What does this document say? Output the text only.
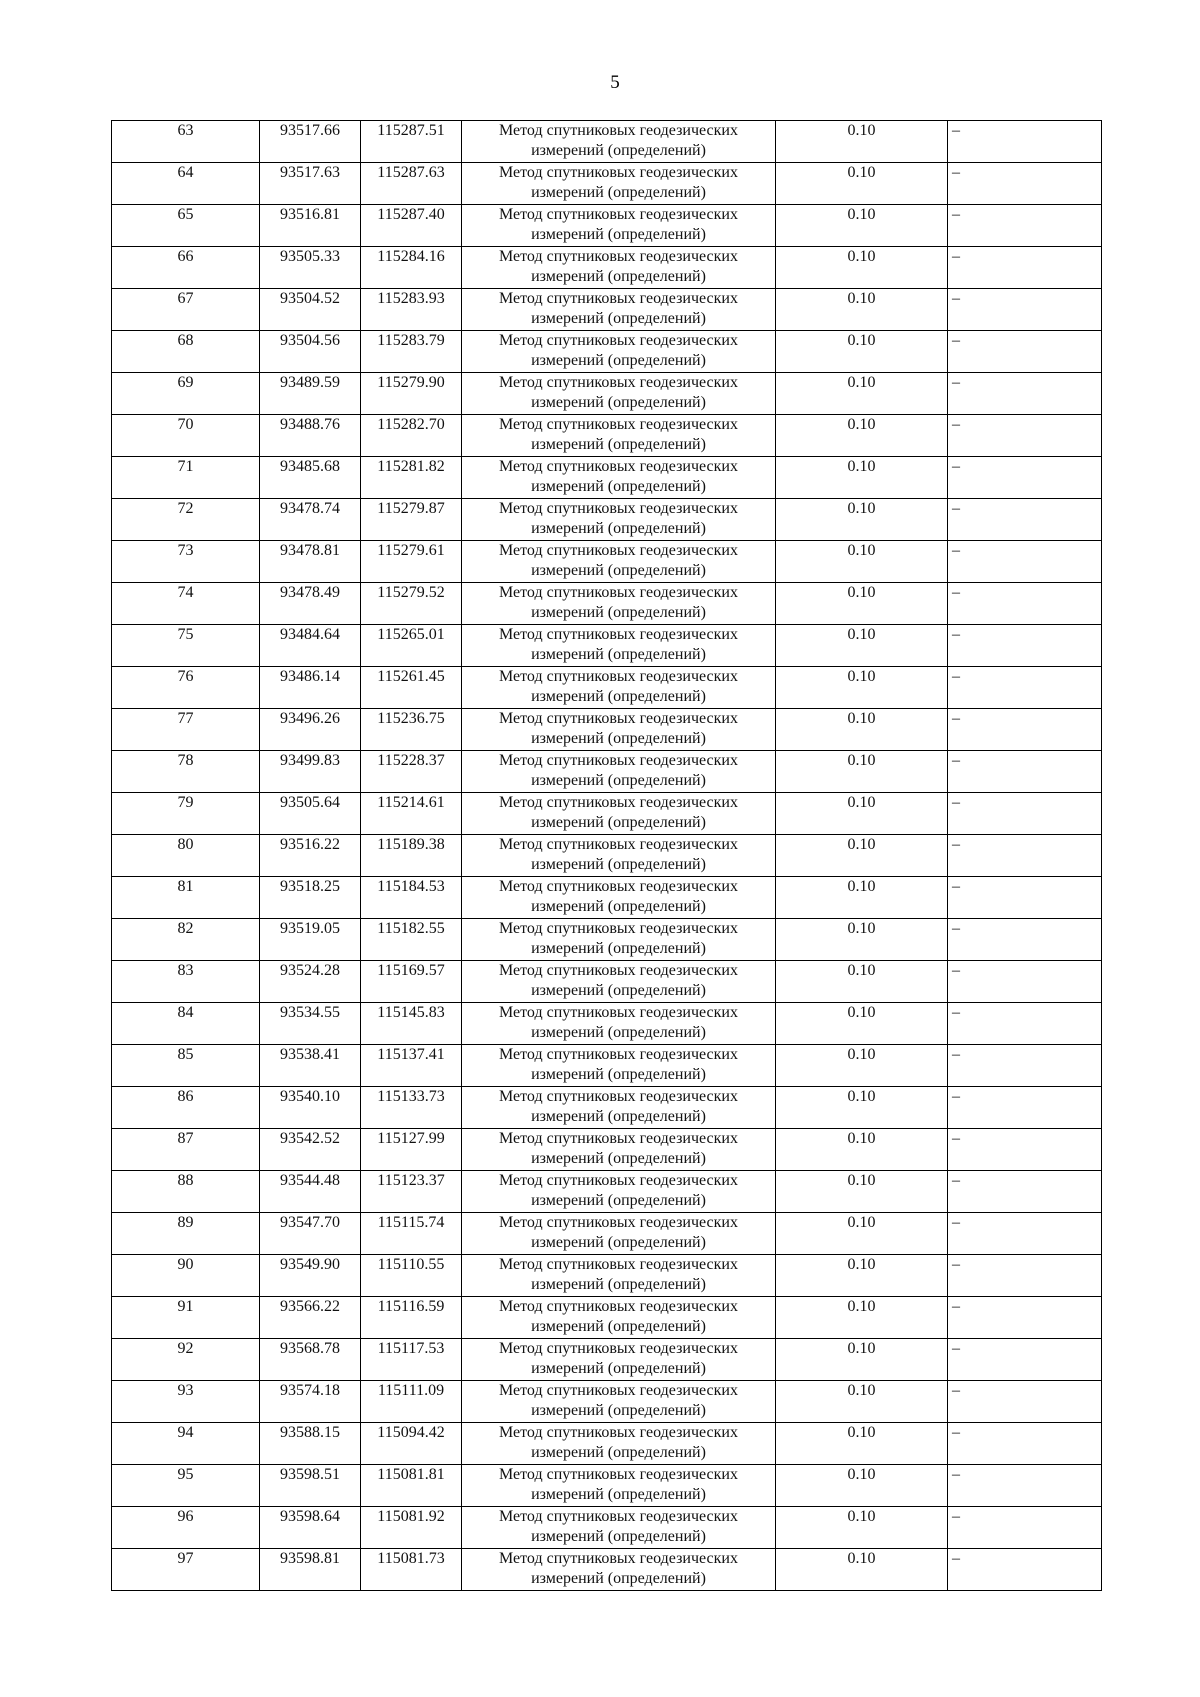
5
63	93517.66	115287.51	Метод спутниковых геодезических измерений (определений)	0.10	–
64	93517.63	115287.63	Метод спутниковых геодезических измерений (определений)	0.10	–
65	93516.81	115287.40	Метод спутниковых геодезических измерений (определений)	0.10	–
66	93505.33	115284.16	Метод спутниковых геодезических измерений (определений)	0.10	–
67	93504.52	115283.93	Метод спутниковых геодезических измерений (определений)	0.10	–
68	93504.56	115283.79	Метод спутниковых геодезических измерений (определений)	0.10	–
69	93489.59	115279.90	Метод спутниковых геодезических измерений (определений)	0.10	–
70	93488.76	115282.70	Метод спутниковых геодезических измерений (определений)	0.10	–
71	93485.68	115281.82	Метод спутниковых геодезических измерений (определений)	0.10	–
72	93478.74	115279.87	Метод спутниковых геодезических измерений (определений)	0.10	–
73	93478.81	115279.61	Метод спутниковых геодезических измерений (определений)	0.10	–
74	93478.49	115279.52	Метод спутниковых геодезических измерений (определений)	0.10	–
75	93484.64	115265.01	Метод спутниковых геодезических измерений (определений)	0.10	–
76	93486.14	115261.45	Метод спутниковых геодезических измерений (определений)	0.10	–
77	93496.26	115236.75	Метод спутниковых геодезических измерений (определений)	0.10	–
78	93499.83	115228.37	Метод спутниковых геодезических измерений (определений)	0.10	–
79	93505.64	115214.61	Метод спутниковых геодезических измерений (определений)	0.10	–
80	93516.22	115189.38	Метод спутниковых геодезических измерений (определений)	0.10	–
81	93518.25	115184.53	Метод спутниковых геодезических измерений (определений)	0.10	–
82	93519.05	115182.55	Метод спутниковых геодезических измерений (определений)	0.10	–
83	93524.28	115169.57	Метод спутниковых геодезических измерений (определений)	0.10	–
84	93534.55	115145.83	Метод спутниковых геодезических измерений (определений)	0.10	–
85	93538.41	115137.41	Метод спутниковых геодезических измерений (определений)	0.10	–
86	93540.10	115133.73	Метод спутниковых геодезических измерений (определений)	0.10	–
87	93542.52	115127.99	Метод спутниковых геодезических измерений (определений)	0.10	–
88	93544.48	115123.37	Метод спутниковых геодезических измерений (определений)	0.10	–
89	93547.70	115115.74	Метод спутниковых геодезических измерений (определений)	0.10	–
90	93549.90	115110.55	Метод спутниковых геодезических измерений (определений)	0.10	–
91	93566.22	115116.59	Метод спутниковых геодезических измерений (определений)	0.10	–
92	93568.78	115117.53	Метод спутниковых геодезических измерений (определений)	0.10	–
93	93574.18	115111.09	Метод спутниковых геодезических измерений (определений)	0.10	–
94	93588.15	115094.42	Метод спутниковых геодезических измерений (определений)	0.10	–
95	93598.51	115081.81	Метод спутниковых геодезических измерений (определений)	0.10	–
96	93598.64	115081.92	Метод спутниковых геодезических измерений (определений)	0.10	–
97	93598.81	115081.73	Метод спутниковых геодезических измерений (определений)	0.10	–
